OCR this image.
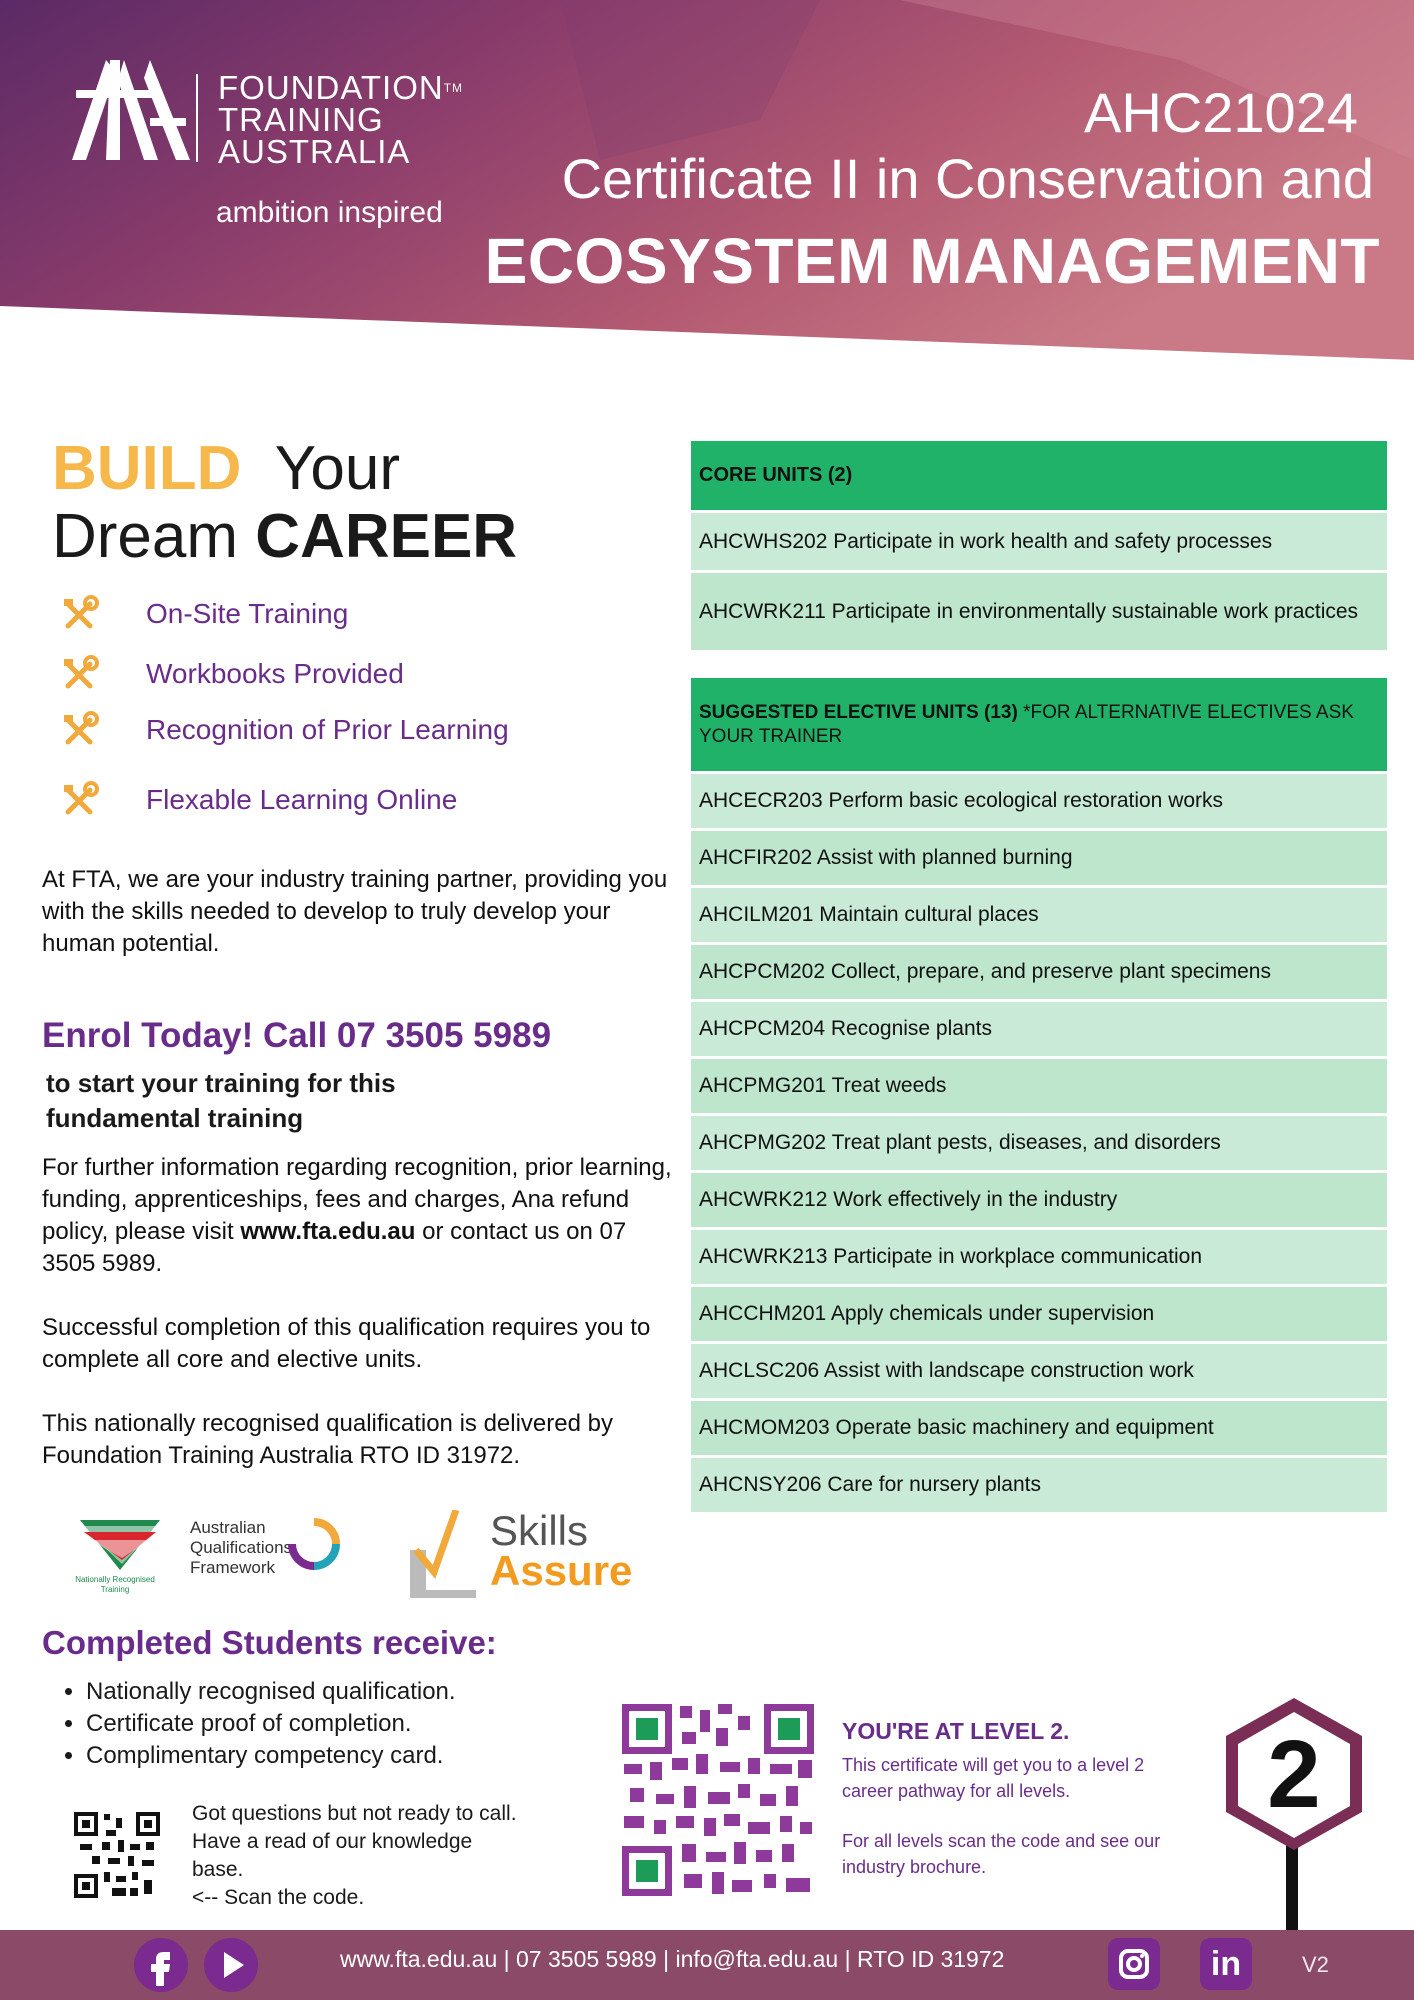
FOUNDATION™
TRAINING
AUSTRALIA
ambition inspired
AHC21024
Certificate II in Conservation and
ECOSYSTEM MANAGEMENT
BUILD Your
Dream CAREER
On-Site Training
Workbooks Provided
Recognition of Prior Learning
Flexable Learning Online
At FTA, we are your industry training partner, providing you with the skills needed to develop to truly develop your human potential.
Enrol Today! Call 07 3505 5989
to start your training for this
fundamental training
For further information regarding recognition, prior learning, funding, apprenticeships, fees and charges, Ana refund policy, please visit www.fta.edu.au or contact us on 07 3505 5989.
Successful completion of this qualification requires you to complete all core and elective units.
This nationally recognised qualification is delivered by Foundation Training Australia RTO ID 31972.
Nationally Recognised
Training
Australian
Qualifications
Framework
Skills
Assure
Completed Students receive:
• Nationally recognised qualification.
• Certificate proof of completion.
• Complimentary competency card.
Got questions but not ready to call.
Have a read of our knowledge
base.
<-- Scan the code.
CORE UNITS (2)
AHCWHS202 Participate in work health and safety processes
AHCWRK211 Participate in environmentally sustainable work practices
SUGGESTED ELECTIVE UNITS (13) *FOR ALTERNATIVE ELECTIVES ASK YOUR TRAINER
AHCECR203 Perform basic ecological restoration works
AHCFIR202 Assist with planned burning
AHCILM201 Maintain cultural places
AHCPCM202 Collect, prepare, and preserve plant specimens
AHCPCM204 Recognise plants
AHCPMG201 Treat weeds
AHCPMG202 Treat plant pests, diseases, and disorders
AHCWRK212 Work effectively in the industry
AHCWRK213 Participate in workplace communication
AHCCHM201 Apply chemicals under supervision
AHCLSC206 Assist with landscape construction work
AHCMOM203 Operate basic machinery and equipment
AHCNSY206 Care for nursery plants
YOU'RE AT LEVEL 2.
This certificate will get you to a level 2 career pathway for all levels.
For all levels scan the code and see our industry brochure.
2
www.fta.edu.au | 07 3505 5989 | info@fta.edu.au | RTO ID 31972	in	V2
